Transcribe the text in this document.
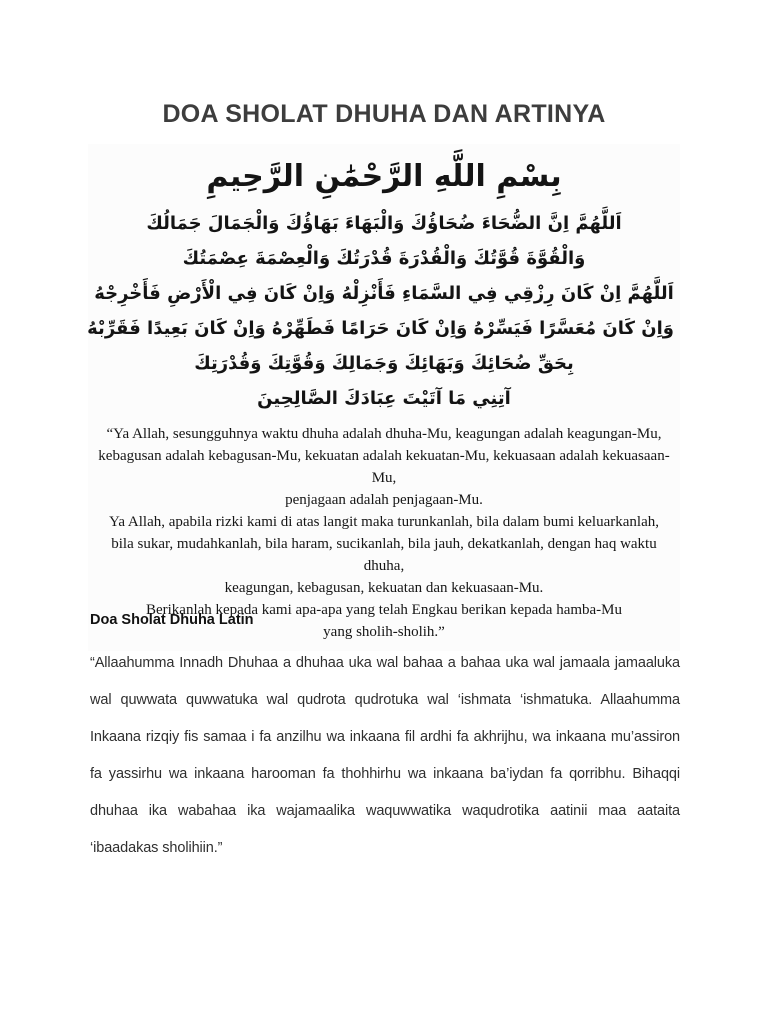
DOA SHOLAT DHUHA DAN ARTINYA
بِسْمِ اللَّهِ الرَّحْمَٰنِ الرَّحِيمِ
اَللَّهُمَّ اِنَّ الضُّحَاءَ ضُحَاؤُكَ وَالْبَهَاءَ بَهَاؤُكَ وَالْجَمَالَ جَمَالُكَ
وَالْقُوَّةَ قُوَّتُكَ وَالْقُدْرَةَ قُدْرَتُكَ وَالْعِصْمَةَ عِصْمَتُكَ
اَللَّهُمَّ اِنْ كَانَ رِزْقِي فِي السَّمَاءِ فَأَنْزِلْهُ وَاِنْ كَانَ فِي الْأَرْضِ فَأَخْرِجْهُ
وَاِنْ كَانَ مُعَسَّرًا فَيَسِّرْهُ وَاِنْ كَانَ حَرَامًا فَطَهِّرْهُ وَاِنْ كَانَ بَعِيدًا فَقَرِّبْهُ
بِحَقِّ ضُحَائِكَ وَبَهَائِكَ وَجَمَالِكَ وَقُوَّتِكَ وَقُدْرَتِكَ
آتِنِي مَا آتَيْتَ عِبَادَكَ الصَّالِحِينَ
“Ya Allah, sesungguhnya waktu dhuha adalah dhuha-Mu, keagungan adalah keagungan-Mu,
kebagusan adalah kebagusan-Mu, kekuatan adalah kekuatan-Mu, kekuasaan adalah kekuasaan-Mu,
penjagaan adalah penjagaan-Mu.
Ya Allah, apabila rizki kami di atas langit maka turunkanlah, bila dalam bumi keluarkanlah,
bila sukar, mudahkanlah, bila haram, sucikanlah, bila jauh, dekatkanlah, dengan haq waktu dhuha,
keagungan, kebagusan, kekuatan dan kekuasaan-Mu.
Berikanlah kepada kami apa-apa yang telah Engkau berikan kepada hamba-Mu
yang sholih-sholih.”
Doa Sholat Dhuha Latin

“Allaahumma Innadh Dhuhaa a dhuhaa uka wal bahaa a bahaa uka wal jamaala jamaaluka wal quwwata quwwatuka wal qudrota qudrotuka wal ‘ishmata ‘ishmatuka. Allaahumma Inkaana rizqiy fis samaa i fa anzilhu wa inkaana fil ardhi fa akhrijhu, wa inkaana mu’assiron fa yassirhu wa inkaana harooman fa thohhirhu wa inkaana ba’iydan fa qorribhu. Bihaqqi dhuhaa ika wabahaa ika wajamaalika waquwwatika waqudrotika aatinii maa aataita ‘ibaadakas sholihiin.”
